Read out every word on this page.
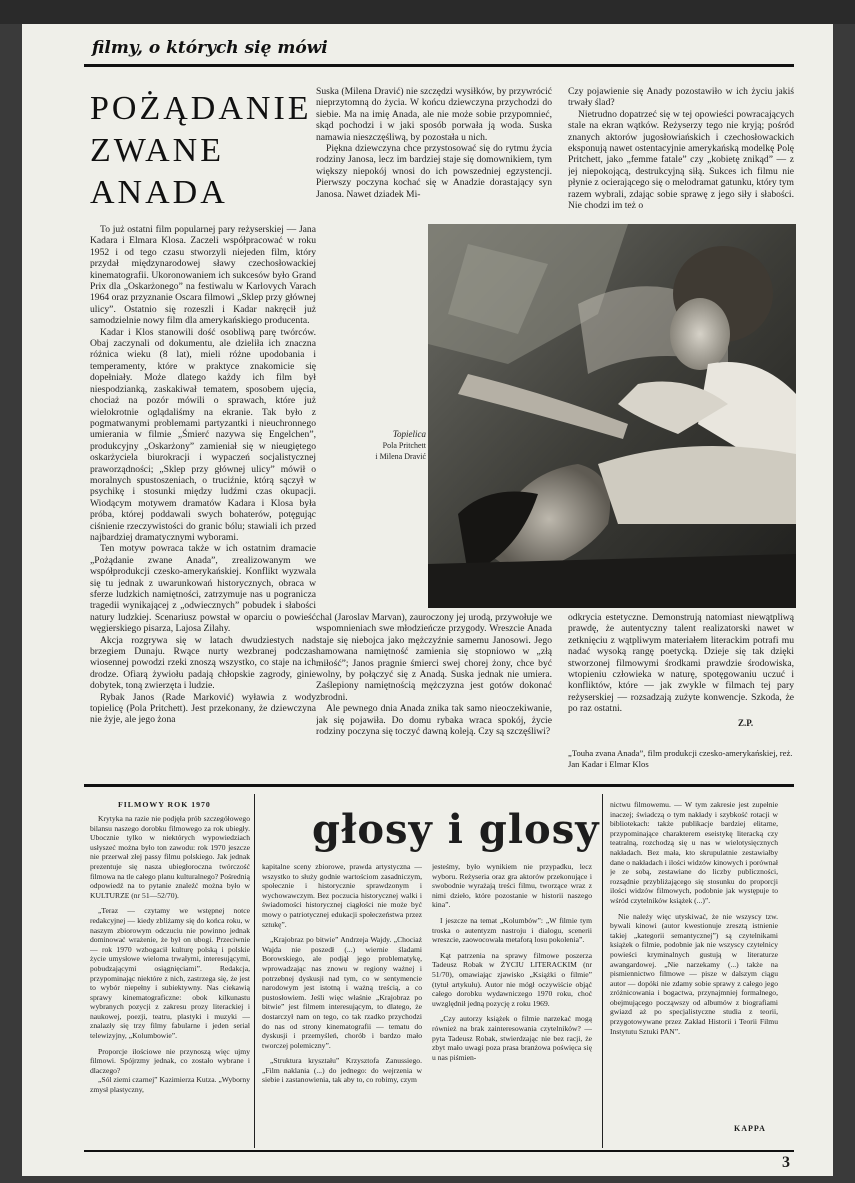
filmy, o których się mówi
POŻĄDANIE
ZWANE
ANADA

To już ostatni film popularnej pary reżyserskiej — Jana Kadara i Elmara Klosa. Zaczeli współpracować w roku 1952 i od tego czasu stworzyli niejeden film, który przydał międzynarodowej sławy czechosłowackiej kinematografii. Ukoronowaniem ich sukcesów było Grand Prix dla „Oskarżonego” na festiwalu w Karlovych Varach 1964 oraz przyznanie Oscara filmowi „Sklep przy głównej ulicy”. Ostatnio się rozeszli i Kadar nakręcił już samodzielnie nowy film dla amerykańskiego producenta.

Kadar i Klos stanowili dość osobliwą parę twórców. Obaj zaczynali od dokumentu, ale dzieliła ich znaczna różnica wieku (8 lat), mieli różne upodobania i temperamenty, które w praktyce znakomicie się dopełniały. Może dlatego każdy ich film był niespodzianką, zaskakiwał tematem, sposobem ujęcia, chociaż na pozór mówili o sprawach, które już wielokrotnie oglądaliśmy na ekranie. Tak było z pogmatwanymi problemami partyzantki i nieuchronnego umierania w filmie „Śmierć nazywa się Engelchen”, produkcyjny „Oskarżony” zamieniał się w nieugiętego oskarżyciela biurokracji i wypaczeń socjalistycznej praworządności; „Sklep przy głównej ulicy” mówił o moralnych spustoszeniach, o truciźnie, którą sączył w psychikę i stosunki między ludźmi czas okupacji. Wiodącym motywem dramatów Kadara i Klosa była próba, której poddawali swych bohaterów, potęgując ciśnienie rzeczywistości do granic bólu; stawiali ich przed najbardziej dramatycznymi wyborami.

Ten motyw powraca także w ich ostatnim dramacie „Pożądanie zwane Anada”, zrealizowanym we współprodukcji czesko-amerykańskiej. Konflikt wyzwala się tu jednak z uwarunkowań historycznych, obraca w sferze ludzkich namiętności, zatrzymuje nas u pogranicza tragedii wynikającej z „odwiecznych” pobudek i słabości natury ludzkiej. Scenariusz powstał w oparciu o powieść węgierskiego pisarza, Lajosa Zilahy.

Akcja rozgrywa się w latach dwudziestych nad brzegiem Dunaju. Rwące nurty wezbranej podczas wiosennej powodzi rzeki znoszą wszystko, co staje na ich drodze. Ofiarą żywiołu padają chłopskie zagrody, ginie dobytek, toną zwierzęta i ludzie.

Rybak Janos (Rade Marković) wyławia z wody topielicę (Pola Pritchett). Jest przekonany, że dziewczyna nie żyje, ale jego żona

Suska (Milena Dravić) nie szczędzi wysiłków, by przywrócić nieprzytomną do życia. W końcu dziewczyna przychodzi do siebie. Ma na imię Anada, ale nie może sobie przypomnieć, skąd pochodzi i w jaki sposób porwała ją woda. Suska namawia nieszczęśliwą, by pozostała u nich.

Piękna dziewczyna chce przystosować się do rytmu życia rodziny Janosa, lecz im bardziej staje się domownikiem, tym większy niepokój wnosi do ich powszedniej egzystencji. Pierwszy poczyna kochać się w Anadzie dorastający syn Janosa. Nawet dziadek Mi-

Czy pojawienie się Anady pozostawiło w ich życiu jakiś trwały ślad?

Nietrudno dopatrzeć się w tej opowieści powracających stale na ekran wątków. Reżyserzy tego nie kryją; pośród znanych aktorów jugosłowiańskich i czechosłowackich eksponują nawet ostentacyjnie amerykańską modelkę Polę Pritchett, jako „femme fatale” czy „kobietę znikąd” — z jej niepokojącą, destrukcyjną siłą. Sukces ich filmu nie płynie z ocierającego się o melodramat gatunku, który tym razem wybrali, zdając sobie sprawę z jego siły i słabości. Nie chodzi im też o

Topielica
Pola Pritchett
i Milena Dravić

chal (Jaroslav Marvan), zauroczony jej urodą, przywołuje we wspomnieniach swe młodzieńcze przygody. Wreszcie Anada staje się niebojca jako mężczyźnie samemu Janosowi. Jego hamowana namiętność zamienia się stopniowo w „złą miłość”; Janos pragnie śmierci swej chorej żony, chce być wolny, by połączyć się z Anadą. Suska jednak nie umiera. Zaślepiony namiętnością mężczyzna jest gotów dokonać zbrodni.

Ale pewnego dnia Anada znika tak samo nieoczekiwanie, jak się pojawiła. Do domu rybaka wraca spokój, życie rodziny poczyna się toczyć dawną koleją. Czy są szczęśliwi?

odkrycia estetyczne. Demonstrują natomiast niewątpliwą prawdę, że autentyczny talent realizatorski nawet w zetknięciu z wątpliwym materiałem literackim potrafi mu nadać wysoką rangę poetycką. Dzieje się tak dzięki stworzonej filmowymi środkami prawdzie środowiska, wtopieniu człowieka w naturę, spotęgowaniu uczuć i konfliktów, które — jak zwykle w filmach tej pary reżyserskiej — rozsadzają zużyte konwencje. Szkoda, że po raz ostatni.

Z.P.
„Touha zvana Anada”, film produkcji czesko-amerykańskiej, reż. Jan Kadar i Elmar Klos
FILMOWY ROK 1970
głosy i glosy

Krytyka na razie nie podjęła prób szczegółowego bilansu naszego dorobku filmowego za rok ubiegły. Ubocznie tylko w niektórych wypowiedziach usłyszeć można było ton zawodu: rok 1970 jeszcze nie przerwał złej passy filmu polskiego. Jak jednak prezentuje się nasza ubiegłoroczna twórczość filmowa na tle całego planu kulturalnego? Pośrednią odpowiedź na to pytanie znaleźć można było w KULTURZE (nr 51—52/70).

„Teraz — czytamy we wstępnej notce redakcyjnej — kiedy zbliżamy się do końca roku, w naszym zbiorowym odczuciu nie powinno jednak dominować wrażenie, że był on ubogi. Przeciwnie — rok 1970 wzbogacił kulturę polską i polskie życie umysłowe wieloma trwałymi, interesującymi, pobudzającymi osiągnięciami”. Redakcja, przypominając niektóre z nich, zastrzega się, że jest to wybór niepełny i subiektywny. Nas ciekawią sprawy kinematograficzne: obok kilkunastu wybranych pozycji z zakresu prozy literackiej i naukowej, poezji, teatru, plastyki i muzyki — znalazły się trzy filmy fabularne i jeden serial telewizyjny, „Kolumbowie”.

Proporcje ilościowe nie przynoszą więc ujmy filmowi. Spójrzmy jednak, co zostało wybrane i dlaczego?

„Sól ziemi czarnej” Kazimierza Kutza. „Wyborny zmysł plastyczny,

kapitalne sceny zbiorowe, prawda artystyczna — wszystko to służy godnie wartościom zasadniczym, społecznie i historycznie sprawdzonym i wychowawczym. Bez poczucia historycznej walki i świadomości historycznej ciągłości nie może być mowy o patriotycznej edukacji społeczeństwa przez sztukę”.

„Krajobraz po bitwie” Andrzeja Wajdy. „Chociaż Wajda nie poszedł (...) wiernie śladami Borowskiego, ale podjął jego problematykę, wprowadzając nas znowu w regiony ważnej i potrzebnej dyskusji nad tym, co w sentymencie narodowym jest istotną i ważną treścią, a co pustosłowiem. Jeśli więc właśnie „Krajobraz po bitwie” jest filmem interesującym, to dlatego, że dostarczył nam on tego, co tak rzadko przychodzi do nas od strony kinematografii — tematu do dyskusji i przemyśleń, chorób i bardzo mało tworczej polemiczny”.

„Struktura kryształu” Krzysztofa Zanussiego. „Film naklania (...) do jednego: do wejrzenia w siebie i zastanowienia, tak aby to, co robimy, czym

jesteśmy, było wynikiem nie przypadku, lecz wyboru. Reżyseria oraz gra aktorów przekonujące i swobodnie wyrażają treści filmu, tworzące wraz z nimi dzieło, które pozostanie w historii naszego kina”.

I jeszcze na temat „Kolumbów”: „W filmie tym troska o autentyzm nastroju i dialogu, scenerii wreszcie, zaowocowała metaforą losu pokolenia”.

Kąt patrzenia na sprawy filmowe poszerza Tadeusz Robak w ŻYCIU LITERACKIM (nr 51/70), omawiając zjawisko „Książki o filmie” (tytuł artykułu). Autor nie mógł oczywiście objąć całego dorobku wydawniczego 1970 roku, choć uwzględnił jedną pozycję z roku 1969.

„Czy autorzy książek o filmie narzekać mogą również na brak zainteresowania czytelników? — pyta Tadeusz Robak, stwierdzając nie bez racji, że zbyt mało uwagi poza prasa branżowa poświęca się u nas piśmien-

nictwu filmowemu. — W tym zakresie jest zupełnie inaczej; świadczą o tym nakłady i szybkość rotacji w bibliotekach: także publikacje bardziej elitarne, przypominające charakterem eseistykę literacką czy teatralną, rozchodzą się u nas w wielotysięcznych nakładach. Bez mała, kto skrupulatnie zestawiałby dane o nakładach i ilości widzów kinowych i porównał je ze sobą, zestawiane do liczby publiczności, rozsądnie przybliżającego się stosunku do proporcji ilości widzów filmowych, podobnie jak występuje to wśród czytelników książek (...)”.

Nie należy więc utyskiwać, że nie wszyscy tzw. bywali kinowi (autor kwestionuje zresztą istnienie takiej „kategorii semantycznej”) są czytelnikami książek o filmie, podobnie jak nie wszyscy czytelnicy powieści kryminalnych gustują w literaturze awangardowej. „Nie narzekamy (...) także na pismiennictwo filmowe — pisze w dalszym ciągu autor — dopóki nie zdamy sobie sprawy z całego jego zróżnicowania i bogactwa, przynajmniej formalnego, obejmującego począwszy od albumów z biografiami gwiazd aż po specjalistyczne studia z teorii, przygotowywane przez Zakład Historii i Teorii Filmu Instytutu Sztuki PAN”.

KAPPA
3
